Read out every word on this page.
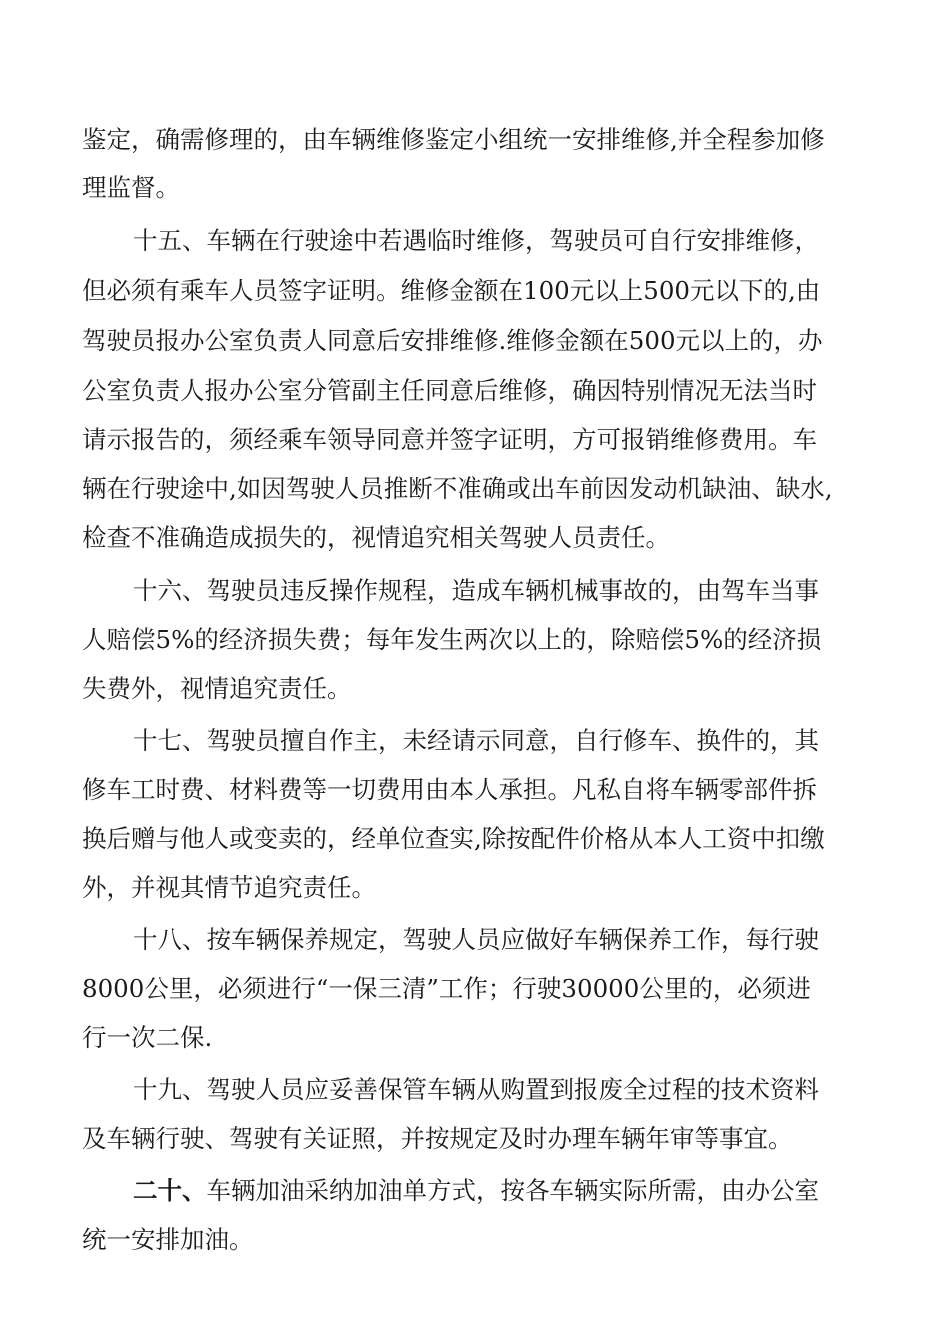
鉴定，确需修理的，由车辆维修鉴定小组统一安排维修,并全程参加修
理监督。
十五、车辆在行驶途中若遇临时维修，驾驶员可自行安排维修，
但必须有乘车人员签字证明。维修金额在100元以上500元以下的,由
驾驶员报办公室负责人同意后安排维修.维修金额在500元以上的，办
公室负责人报办公室分管副主任同意后维修，确因特别情况无法当时
请示报告的，须经乘车领导同意并签字证明，方可报销维修费用。车
辆在行驶途中,如因驾驶人员推断不准确或出车前因发动机缺油、缺水,
检查不准确造成损失的，视情追究相关驾驶人员责任。
十六、驾驶员违反操作规程，造成车辆机械事故的，由驾车当事
人赔偿5%的经济损失费；每年发生两次以上的，除赔偿5%的经济损
失费外，视情追究责任。
十七、驾驶员擅自作主，未经请示同意，自行修车、换件的，其
修车工时费、材料费等一切费用由本人承担。凡私自将车辆零部件拆
换后赠与他人或变卖的，经单位查实,除按配件价格从本人工资中扣缴
外，并视其情节追究责任。
十八、按车辆保养规定，驾驶人员应做好车辆保养工作，每行驶
8000公里，必须进行“一保三清”工作；行驶30000公里的，必须进
行一次二保.
十九、驾驶人员应妥善保管车辆从购置到报废全过程的技术资料
及车辆行驶、驾驶有关证照，并按规定及时办理车辆年审等事宜。
二十、车辆加油采纳加油单方式，按各车辆实际所需，由办公室
统一安排加油。
